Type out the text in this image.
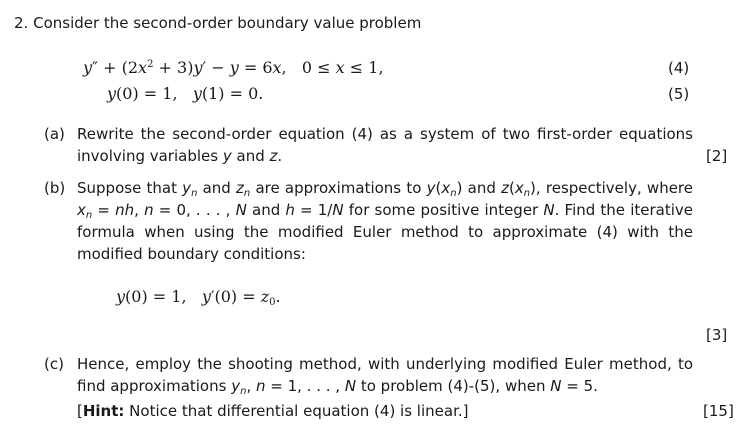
2. Consider the second-order boundary value problem
$y'' + (2x^2 + 3)y' - y = 6x$,   0 ≤ x ≤ 1,	(4)
y(0) = 1,   y(1) = 0.	(5)
(a) Rewrite the second-order equation (4) as a system of two first-order equations involving variables y and z.	[2]
(b) Suppose that $y_n$ and $z_n$ are approximations to $y(x_n)$ and $z(x_n)$, respectively, where $x_n$ = nh, n = 0, . . . , N and h = 1/N for some positive integer N. Find the iterative formula when using the modified Euler method to approximate (4) with the modified boundary conditions:
y(0) = 1,   $y'(0) = z_0$.
[3]
(c) Hence, employ the shooting method, with underlying modified Euler method, to find approximations $y_n$, n = 1, . . . , N to problem (4)-(5), when N = 5.
[Hint: Notice that differential equation (4) is linear.]	[15]
